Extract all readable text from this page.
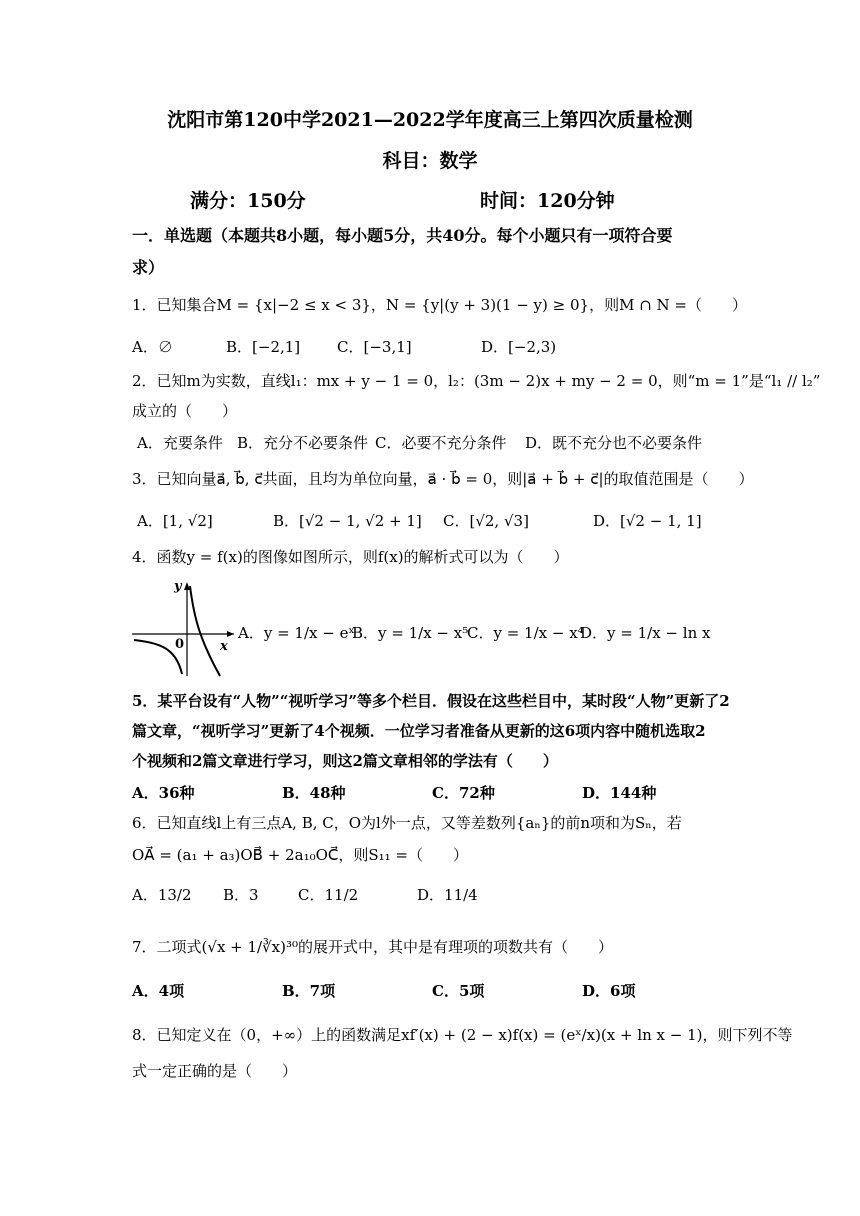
沈阳市第120中学2021—2022学年度高三上第四次质量检测
科目：数学
满分：150分	时间：120分钟
一．单选题（本题共8小题，每小题5分，共40分。每个小题只有一项符合要
求）
1．已知集合M = {x|−2 ≤ x < 3}，N = {y|(y + 3)(1 − y) ≥ 0}，则M ∩ N =（　　）
A．∅	B．[−2,1] C．[−3,1]	D．[−2,3)
2．已知m为实数，直线l₁：mx + y − 1 = 0，l₂：(3m − 2)x + my − 2 = 0，则“m = 1”是“l₁ // l₂”
成立的（　　）
A．充要条件 B．充分不必要条件 C．必要不充分条件 D．既不充分也不必要条件
3．已知向量a⃗, b⃗, c⃗共面，且均为单位向量，a⃗ · b⃗ = 0，则|a⃗ + b⃗ + c⃗|的取值范围是（　　）
A．[1, √2]	B．[√2 − 1, √2 + 1] C．[√2, √3]	D．[√2 − 1, 1]
4．函数y = f(x)的图像如图所示，则f(x)的解析式可以为（　　）
y
0	x
A．y = 1/x − eˣ
B．y = 1/x − x⁵
C．y = 1/x − x⁴
D．y = 1/x − ln x
5．某平台设有“人物”“视听学习”等多个栏目．假设在这些栏目中，某时段“人物”更新了2
篇文章，“视听学习”更新了4个视频．一位学习者准备从更新的这6项内容中随机选取2
个视频和2篇文章进行学习，则这2篇文章相邻的学法有（　　）
A．36种	B．48种	C．72种	D．144种
6．已知直线l上有三点A, B, C，O为l外一点，又等差数列{aₙ}的前n项和为Sₙ，若
OA⃗ = (a₁ + a₃)OB⃗ + 2a₁₀OC⃗，则S₁₁ =（　　）
A．13/2 B．3	C．11/2	D．11/4
7．二项式(√x + 1/∛x)³⁰的展开式中，其中是有理项的项数共有（　　）
A．4项	B．7项	C．5项	D．6项
8．已知定义在（0，+∞）上的函数满足xf′(x) + (2 − x)f(x) = (eˣ/x)(x + ln x − 1)，则下列不等
式一定正确的是（　　）
